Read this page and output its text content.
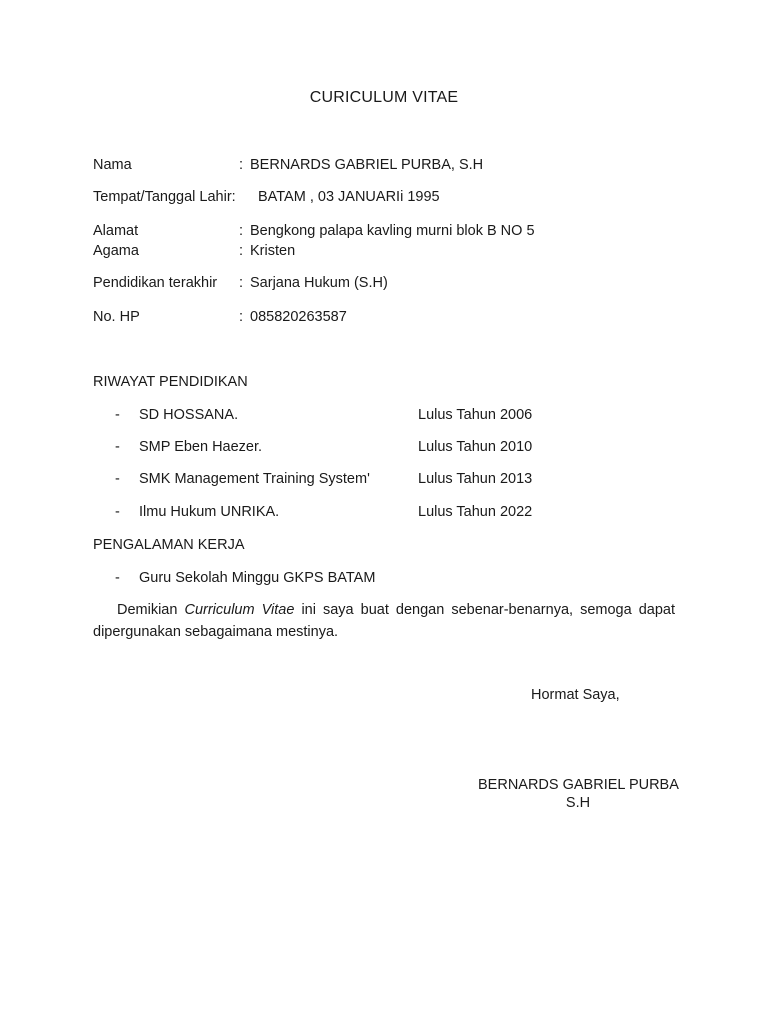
CURICULUM VITAE
Nama	: BERNARDS GABRIEL PURBA, S.H
Tempat/Tanggal Lahir: BATAM , 03 JANUARIi 1995
Alamat	: Bengkong palapa kavling murni blok B NO 5
Agama	: Kristen
Pendidikan terakhir : Sarjana Hukum (S.H)
No. HP	: 085820263587
RIWAYAT PENDIDIKAN
- SD HOSSANA.	Lulus Tahun 2006
- SMP Eben Haezer.	Lulus Tahun 2010
- SMK Management Training System'	Lulus Tahun 2013
- Ilmu Hukum UNRIKA.	Lulus Tahun 2022
PENGALAMAN KERJA
- Guru Sekolah Minggu GKPS BATAM
Demikian Curriculum Vitae ini saya buat dengan sebenar-benarnya, semoga dapat dipergunakan sebagaimana mestinya.
Hormat Saya,
BERNARDS GABRIEL PURBA
S.H
